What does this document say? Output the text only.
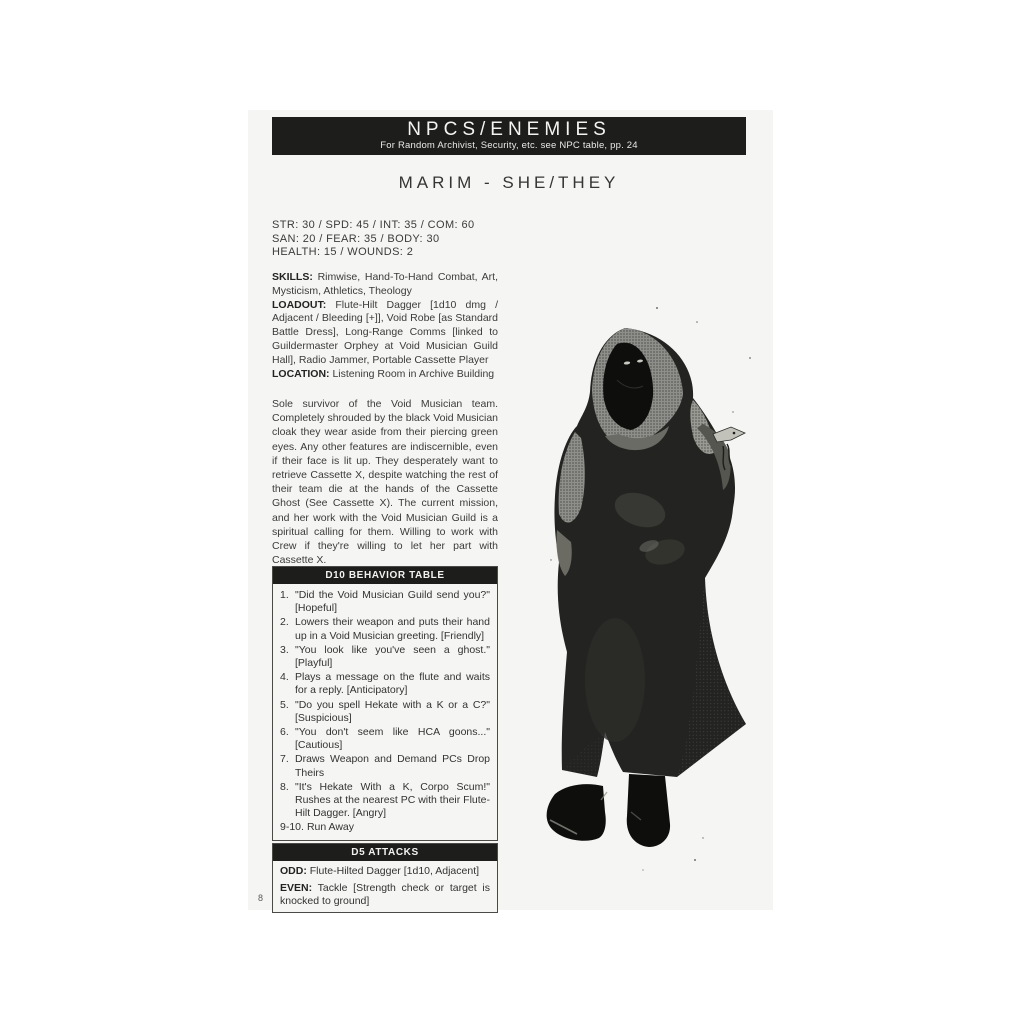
NPCS/ENEMIES
For Random Archivist, Security, etc. see NPC table, pp. 24
MARIM - SHE/THEY
STR: 30 / SPD: 45 / INT: 35 / COM: 60
SAN: 20 / FEAR: 35 / BODY: 30
HEALTH: 15 / WOUNDS: 2

SKILLS: Rimwise, Hand-To-Hand Combat, Art, Mysticism, Athletics, Theology

LOADOUT: Flute-Hilt Dagger [1d10 dmg / Adjacent / Bleeding [+]], Void Robe [as Standard Battle Dress], Long-Range Comms [linked to Guildermaster Orphey at Void Musician Guild Hall], Radio Jammer, Portable Cassette Player

LOCATION: Listening Room in Archive Building

Sole survivor of the Void Musician team. Completely shrouded by the black Void Musician cloak they wear aside from their piercing green eyes. Any other features are indiscernible, even if their face is lit up. They desperately want to retrieve Cassette X, despite watching the rest of their team die at the hands of the Cassette Ghost (See Cassette X). The current mission, and her work with the Void Musician Guild is a spiritual calling for them. Willing to work with Crew if they're willing to let her part with Cassette X.

D10 BEHAVIOR TABLE
1. "Did the Void Musician Guild send you?" [Hopeful]
2. Lowers their weapon and puts their hand up in a Void Musician greeting. [Friendly]
3. "You look like you've seen a ghost." [Playful]
4. Plays a message on the flute and waits for a reply. [Anticipatory]
5. "Do you spell Hekate with a K or a C?" [Suspicious]
6. "You don't seem like HCA goons..." [Cautious]
7. Draws Weapon and Demand PCs Drop Theirs
8. "It's Hekate With a K, Corpo Scum!" Rushes at the nearest PC with their Flute-Hilt Dagger. [Angry]
9-10. Run Away
D5 ATTACKS

ODD: Flute-Hilted Dagger [1d10, Adjacent]

EVEN: Tackle [Strength check or target is knocked to ground]

8
